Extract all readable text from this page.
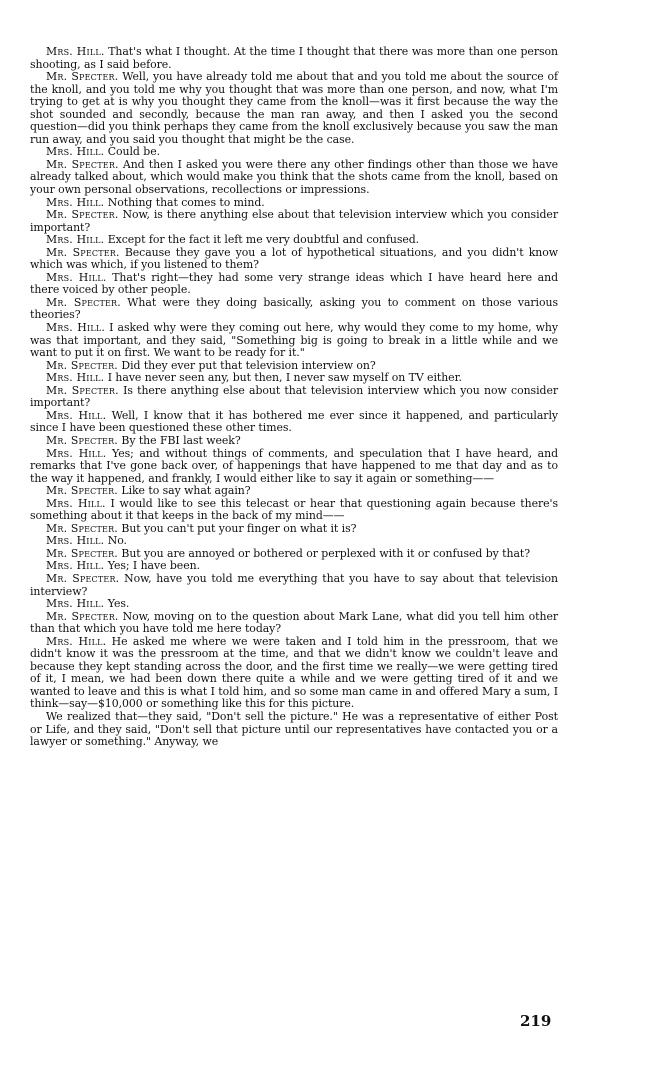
Mrs. Hill. That's what I thought. At the time I thought that there was more than one person shooting, as I said before.

Mr. Specter. Well, you have already told me about that and you told me about the source of the knoll, and you told me why you thought that was more than one person, and now, what I'm trying to get at is why you thought they came from the knoll—was it first because the way the shot sounded and secondly, because the man ran away, and then I asked you the second question—did you think perhaps they came from the knoll exclusively because you saw the man run away, and you said you thought that might be the case.

Mrs. Hill. Could be.

Mr. Specter. And then I asked you were there any other findings other than those we have already talked about, which would make you think that the shots came from the knoll, based on your own personal observations, recollections or impressions.

Mrs. Hill. Nothing that comes to mind.

Mr. Specter. Now, is there anything else about that television interview which you consider important?

Mrs. Hill. Except for the fact it left me very doubtful and confused.

Mr. Specter. Because they gave you a lot of hypothetical situations, and you didn't know which was which, if you listened to them?

Mrs. Hill. That's right—they had some very strange ideas which I have heard here and there voiced by other people.

Mr. Specter. What were they doing basically, asking you to comment on those various theories?

Mrs. Hill. I asked why were they coming out here, why would they come to my home, why was that important, and they said, "Something big is going to break in a little while and we want to put it on first. We want to be ready for it."

Mr. Specter. Did they ever put that television interview on?

Mrs. Hill. I have never seen any, but then, I never saw myself on TV either.

Mr. Specter. Is there anything else about that television interview which you now consider important?

Mrs. Hill. Well, I know that it has bothered me ever since it happened, and particularly since I have been questioned these other times.

Mr. Specter. By the FBI last week?

Mrs. Hill. Yes; and without things of comments, and speculation that I have heard, and remarks that I've gone back over, of happenings that have happened to me that day and as to the way it happened, and frankly, I would either like to say it again or something——

Mr. Specter. Like to say what again?

Mrs. Hill. I would like to see this telecast or hear that questioning again because there's something about it that keeps in the back of my mind——

Mr. Specter. But you can't put your finger on what it is?

Mrs. Hill. No.

Mr. Specter. But you are annoyed or bothered or perplexed with it or confused by that?

Mrs. Hill. Yes; I have been.

Mr. Specter. Now, have you told me everything that you have to say about that television interview?

Mrs. Hill. Yes.

Mr. Specter. Now, moving on to the question about Mark Lane, what did you tell him other than that which you have told me here today?

Mrs. Hill. He asked me where we were taken and I told him in the pressroom, that we didn't know it was the pressroom at the time, and that we didn't know we couldn't leave and because they kept standing across the door, and the first time we really—we were getting tired of it, I mean, we had been down there quite a while and we were getting tired of it and we wanted to leave and this is what I told him, and so some man came in and offered Mary a sum, I think—say—$10,000 or something like this for this picture.

We realized that—they said, "Don't sell the picture." He was a representative of either Post or Life, and they said, "Don't sell that picture until our representatives have contacted you or a lawyer or something." Anyway, we

219
